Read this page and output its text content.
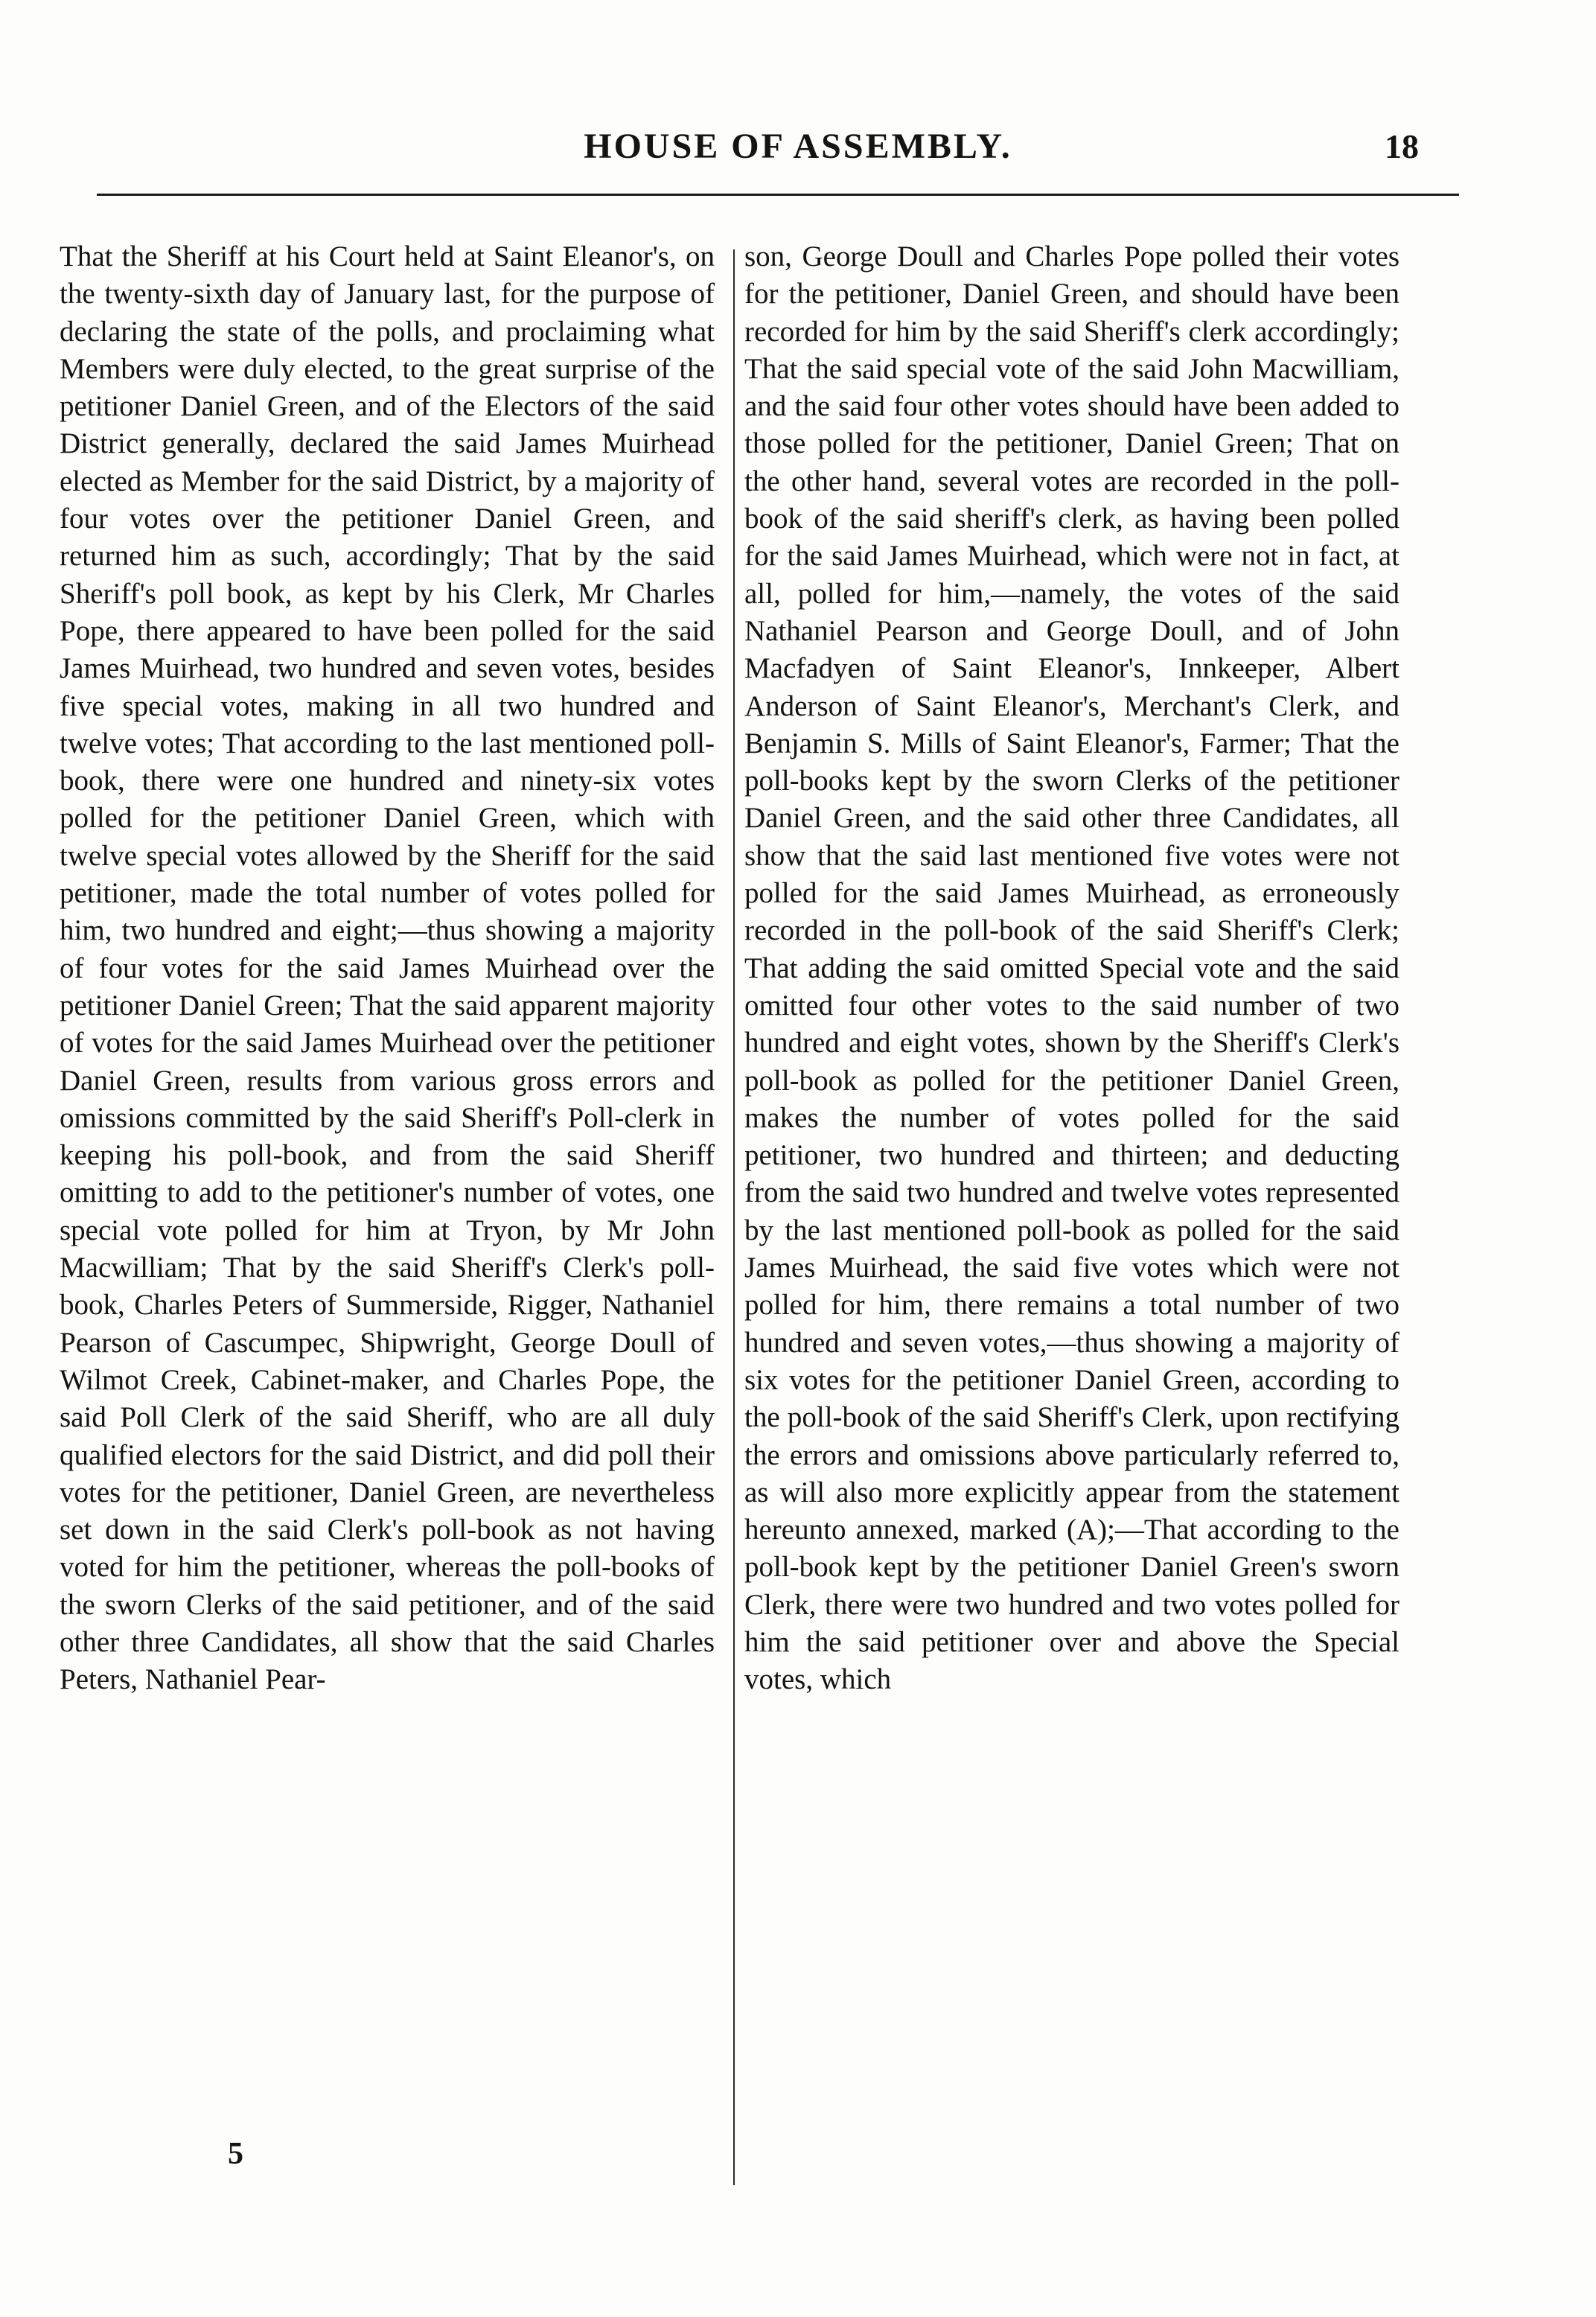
HOUSE OF ASSEMBLY.	18

That the Sheriff at his Court held at Saint Eleanor's, on the twenty-sixth day of January last, for the purpose of declaring the state of the polls, and proclaiming what Members were duly elected, to the great surprise of the petitioner Daniel Green, and of the Electors of the said District generally, declared the said James Muirhead elected as Member for the said District, by a majority of four votes over the petitioner Daniel Green, and returned him as such, accordingly; That by the said Sheriff's poll book, as kept by his Clerk, Mr Charles Pope, there appeared to have been polled for the said James Muirhead, two hundred and seven votes, besides five special votes, making in all two hundred and twelve votes; That according to the last mentioned poll-book, there were one hundred and ninety-six votes polled for the petitioner Daniel Green, which with twelve special votes allowed by the Sheriff for the said petitioner, made the total number of votes polled for him, two hundred and eight;—thus showing a majority of four votes for the said James Muirhead over the petitioner Daniel Green; That the said apparent majority of votes for the said James Muirhead over the petitioner Daniel Green, results from various gross errors and omissions committed by the said Sheriff's Poll-clerk in keeping his poll-book, and from the said Sheriff omitting to add to the petitioner's number of votes, one special vote polled for him at Tryon, by Mr John Macwilliam; That by the said Sheriff's Clerk's poll-book, Charles Peters of Summerside, Rigger, Nathaniel Pearson of Cascumpec, Shipwright, George Doull of Wilmot Creek, Cabinet-maker, and Charles Pope, the said Poll Clerk of the said Sheriff, who are all duly qualified electors for the said District, and did poll their votes for the petitioner, Daniel Green, are nevertheless set down in the said Clerk's poll-book as not having voted for him the petitioner, whereas the poll-books of the sworn Clerks of the said petitioner, and of the said other three Candidates, all show that the said Charles Peters, Nathaniel Pear-

son, George Doull and Charles Pope polled their votes for the petitioner, Daniel Green, and should have been recorded for him by the said Sheriff's clerk accordingly; That the said special vote of the said John Macwilliam, and the said four other votes should have been added to those polled for the petitioner, Daniel Green; That on the other hand, several votes are recorded in the poll-book of the said sheriff's clerk, as having been polled for the said James Muirhead, which were not in fact, at all, polled for him,—namely, the votes of the said Nathaniel Pearson and George Doull, and of John Macfadyen of Saint Eleanor's, Innkeeper, Albert Anderson of Saint Eleanor's, Merchant's Clerk, and Benjamin S. Mills of Saint Eleanor's, Farmer; That the poll-books kept by the sworn Clerks of the petitioner Daniel Green, and the said other three Candidates, all show that the said last mentioned five votes were not polled for the said James Muirhead, as erroneously recorded in the poll-book of the said Sheriff's Clerk; That adding the said omitted Special vote and the said omitted four other votes to the said number of two hundred and eight votes, shown by the Sheriff's Clerk's poll-book as polled for the petitioner Daniel Green, makes the number of votes polled for the said petitioner, two hundred and thirteen; and deducting from the said two hundred and twelve votes represented by the last mentioned poll-book as polled for the said James Muirhead, the said five votes which were not polled for him, there remains a total number of two hundred and seven votes,—thus showing a majority of six votes for the petitioner Daniel Green, according to the poll-book of the said Sheriff's Clerk, upon rectifying the errors and omissions above particularly referred to, as will also more explicitly appear from the statement hereunto annexed, marked (A);—That according to the poll-book kept by the petitioner Daniel Green's sworn Clerk, there were two hundred and two votes polled for him the said petitioner over and above the Special votes, which

5
